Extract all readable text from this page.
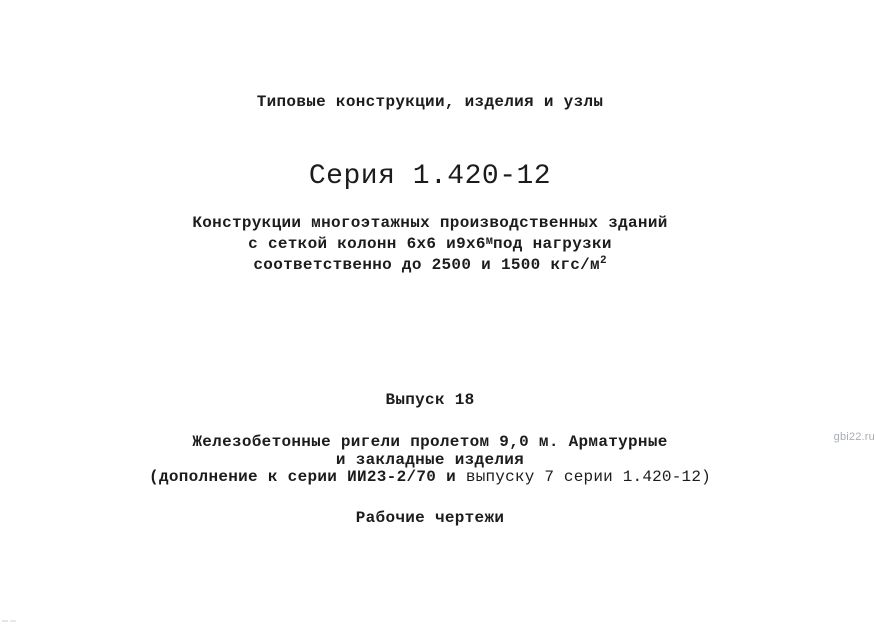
Типовые конструкции, изделия и узлы
Серия 1.420-12
Конструкции многоэтажных производственных зданий
с сеткой колонн 6х6 $и9х6^мпод$ нагрузки
соответственно до 2500 и 1500 кгс/$м^2$
Выпуск 18
Железобетонные ригели пролетом 9,0 м. Арматурные
и закладные изделия
(дополнение к серии ИИ23-2/70 и выпуску 7 серии 1.420-12)
Рабочие чертежи
gbi22.ru
